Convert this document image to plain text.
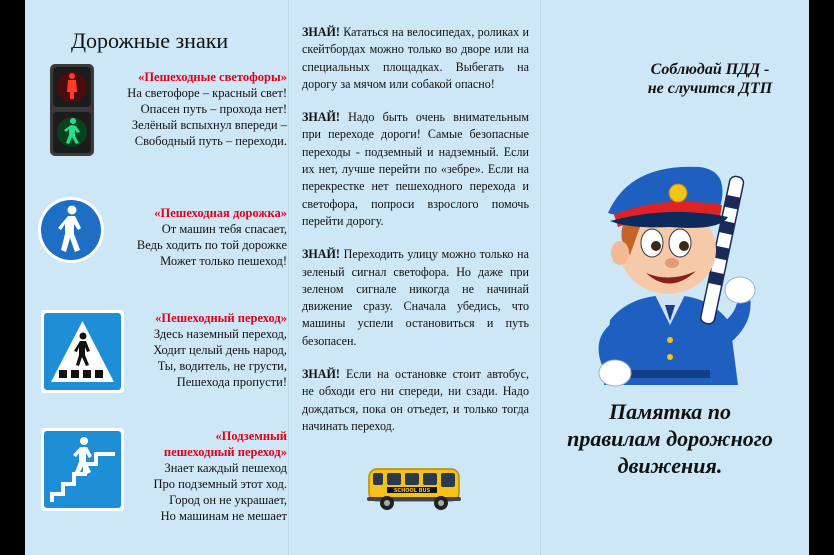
Дорожные знаки
«Пешеходные светофоры»
На светофоре – красный свет!
Опасен путь – прохода нет!
Зелёный вспыхнул впереди –
Свободный путь – переходи.
«Пешеходная дорожка»
От машин тебя спасает,
Ведь ходить по той дорожке
Может только пешеход!
«Пешеходный переход»
Здесь наземный переход,
Ходит целый день народ,
Ты, водитель, не грусти,
Пешехода пропусти!
«Подземный
пешеходный переход»
Знает каждый пешеход
Про подземный этот ход.
Город он не украшает,
Но машинам не мешает

ЗНАЙ! Кататься на велосипедах, роликах и скейтбордах можно только во дворе или на специальных площадках. Выбегать на дорогу за мячом или собакой опасно!

ЗНАЙ! Надо быть очень внимательным при переходе дороги! Самые безопасные переходы - подземный и надземный. Если их нет, лучше перейти по «зебре». Если на перекрестке нет пешеходного перехода и светофора, попроси взрослого помочь перейти дорогу.

ЗНАЙ! Переходить улицу можно только на зеленый сигнал светофора. Но даже при зеленом сигнале никогда не начинай движение сразу. Сначала убедись, что машины успели остановиться и путь безопасен.

ЗНАЙ! Если на остановке стоит автобус, не обходи его ни спереди, ни сзади. Надо дождаться, пока он отъедет, и только тогда начинать переход.

SCHOOL BUS
Соблюдай ПДД -
не случится ДТП
Памятка по
правилам дорожного
движения.
